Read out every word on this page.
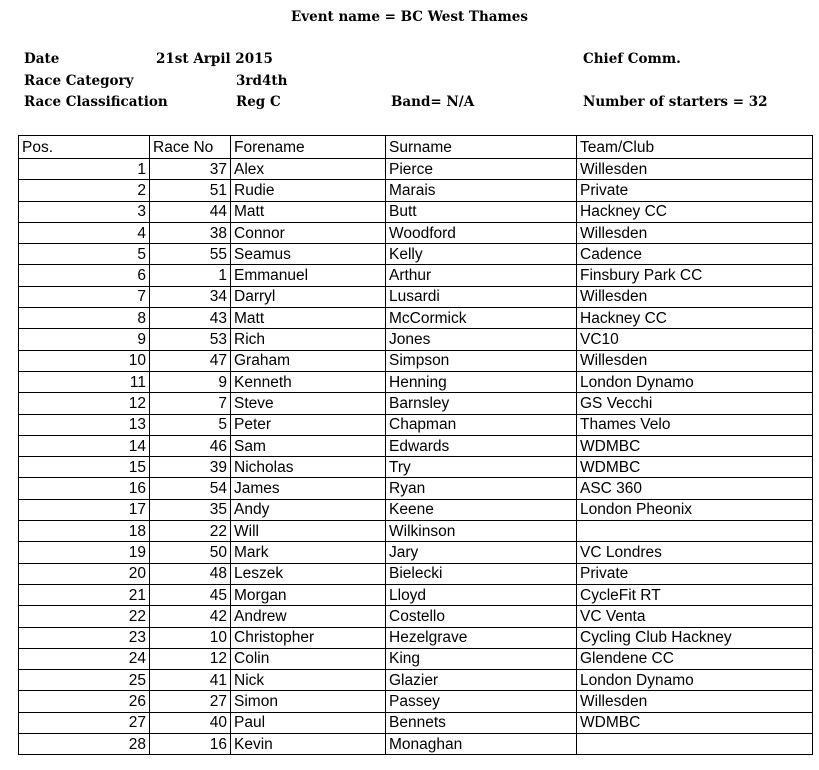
Event name = BC West Thames
Date	21st Arpil 2015	Chief Comm.
Race Category	3rd4th
Race Classification	Reg C	Band= N/A	Number of starters = 32
Pos.	Race No	Forename	Surname	Team/Club
1	37	Alex	Pierce	Willesden
2	51	Rudie	Marais	Private
3	44	Matt	Butt	Hackney CC
4	38	Connor	Woodford	Willesden
5	55	Seamus	Kelly	Cadence
6	1	Emmanuel	Arthur	Finsbury Park CC
7	34	Darryl	Lusardi	Willesden
8	43	Matt	McCormick	Hackney CC
9	53	Rich	Jones	VC10
10	47	Graham	Simpson	Willesden
11	9	Kenneth	Henning	London Dynamo
12	7	Steve	Barnsley	GS Vecchi
13	5	Peter	Chapman	Thames Velo
14	46	Sam	Edwards	WDMBC
15	39	Nicholas	Try	WDMBC
16	54	James	Ryan	ASC 360
17	35	Andy	Keene	London Pheonix
18	22	Will	Wilkinson	
19	50	Mark	Jary	VC Londres
20	48	Leszek	Bielecki	Private
21	45	Morgan	Lloyd	CycleFit RT
22	42	Andrew	Costello	VC Venta
23	10	Christopher	Hezelgrave	Cycling Club Hackney
24	12	Colin	King	Glendene CC
25	41	Nick	Glazier	London Dynamo
26	27	Simon	Passey	Willesden
27	40	Paul	Bennets	WDMBC
28	16	Kevin	Monaghan	
